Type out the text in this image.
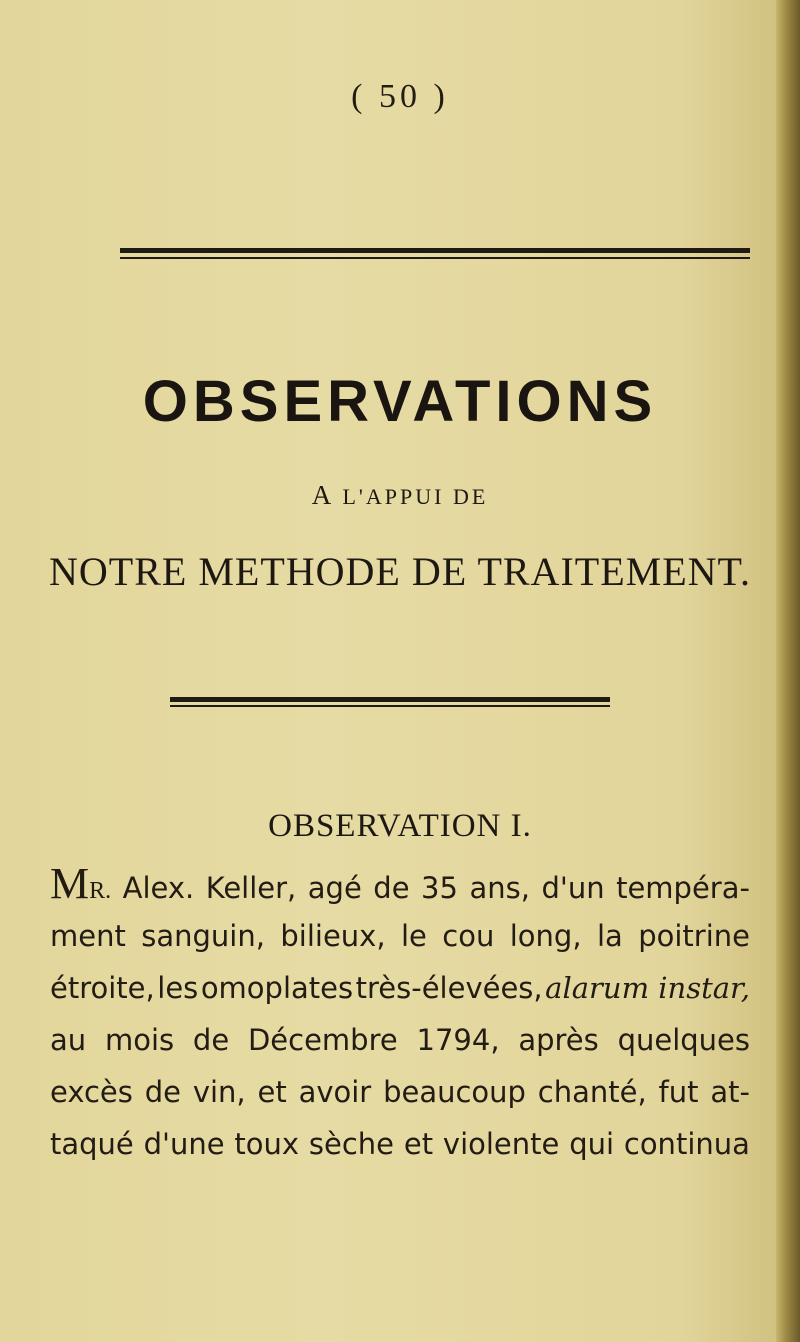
( 50 )
OBSERVATIONS
A L'APPUI DE
NOTRE METHODE DE TRAITEMENT.
OBSERVATION I.
MR. Alex. Keller, agé de 35 ans, d'un tempéra-
ment sanguin, bilieux, le cou long, la poitrine
étroite, les omoplates très-élevées, alarum instar,
au mois de Décembre 1794, après quelques
excès de vin, et avoir beaucoup chanté, fut at-
taqué d'une toux sèche et violente qui continua
